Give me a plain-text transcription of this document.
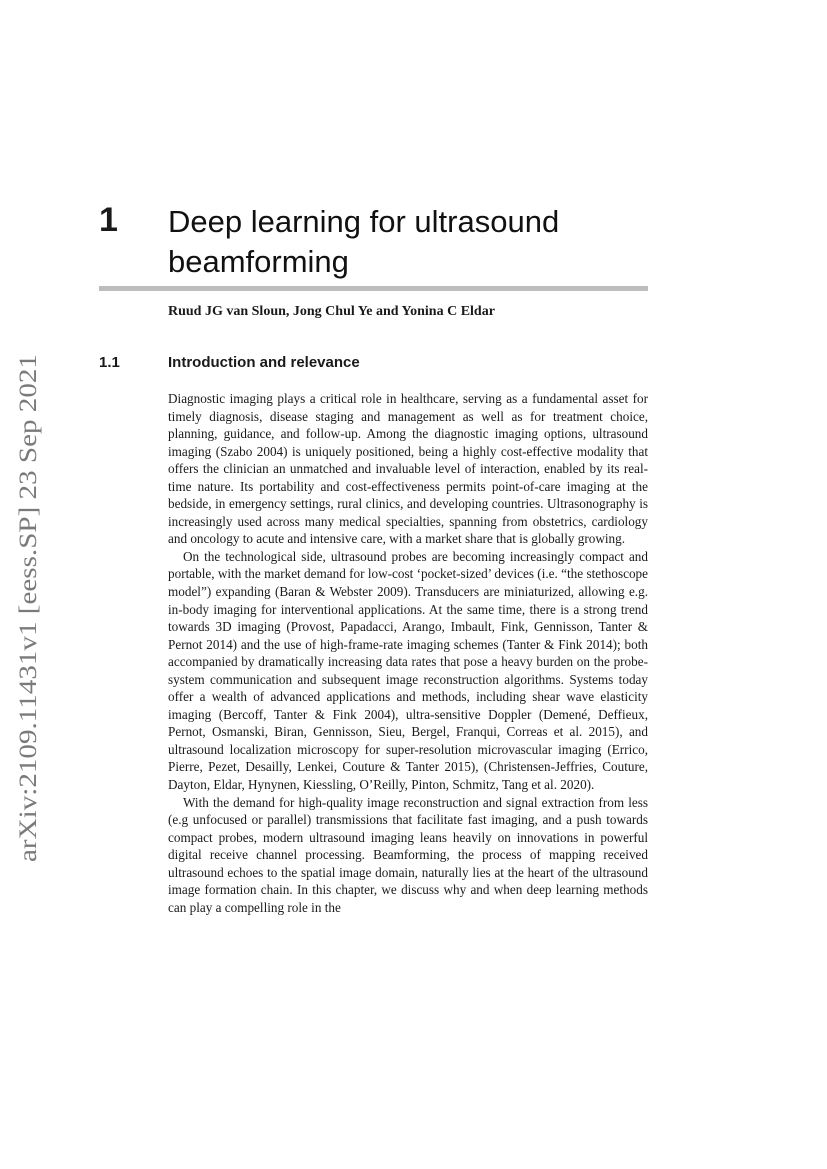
arXiv:2109.11431v1 [eess.SP] 23 Sep 2021
1 Deep learning for ultrasound beamforming

Ruud JG van Sloun, Jong Chul Ye and Yonina C Eldar

1.1	Introduction and relevance

Diagnostic imaging plays a critical role in healthcare, serving as a fundamental asset for timely diagnosis, disease staging and management as well as for treatment choice, planning, guidance, and follow-up. Among the diagnostic imaging options, ultrasound imaging (Szabo 2004) is uniquely positioned, being a highly cost-effective modality that offers the clinician an unmatched and invaluable level of interaction, enabled by its real-time nature. Its portability and cost-effectiveness permits point-of-care imaging at the bedside, in emergency settings, rural clinics, and developing countries. Ultrasonography is increasingly used across many medical specialties, spanning from obstetrics, cardiology and oncology to acute and intensive care, with a market share that is globally growing.

On the technological side, ultrasound probes are becoming increasingly compact and portable, with the market demand for low-cost ‘pocket-sized’ devices (i.e. “the stethoscope model”) expanding (Baran & Webster 2009). Transducers are miniaturized, allowing e.g. in-body imaging for interventional applications. At the same time, there is a strong trend towards 3D imaging (Provost, Papadacci, Arango, Imbault, Fink, Gennisson, Tanter & Pernot 2014) and the use of high-frame-rate imaging schemes (Tanter & Fink 2014); both accompanied by dramatically increasing data rates that pose a heavy burden on the probe-system communication and subsequent image reconstruction algorithms. Systems today offer a wealth of advanced applications and methods, including shear wave elasticity imaging (Bercoff, Tanter & Fink 2004), ultra-sensitive Doppler (Demené, Deffieux, Pernot, Osmanski, Biran, Gennisson, Sieu, Bergel, Franqui, Correas et al. 2015), and ultrasound localization microscopy for super-resolution microvascular imaging (Errico, Pierre, Pezet, Desailly, Lenkei, Couture & Tanter 2015), (Christensen-Jeffries, Couture, Dayton, Eldar, Hynynen, Kiessling, O’Reilly, Pinton, Schmitz, Tang et al. 2020).

With the demand for high-quality image reconstruction and signal extraction from less (e.g unfocused or parallel) transmissions that facilitate fast imaging, and a push towards compact probes, modern ultrasound imaging leans heavily on innovations in powerful digital receive channel processing. Beamforming, the process of mapping received ultrasound echoes to the spatial image domain, naturally lies at the heart of the ultrasound image formation chain. In this chapter, we discuss why and when deep learning methods can play a compelling role in the
